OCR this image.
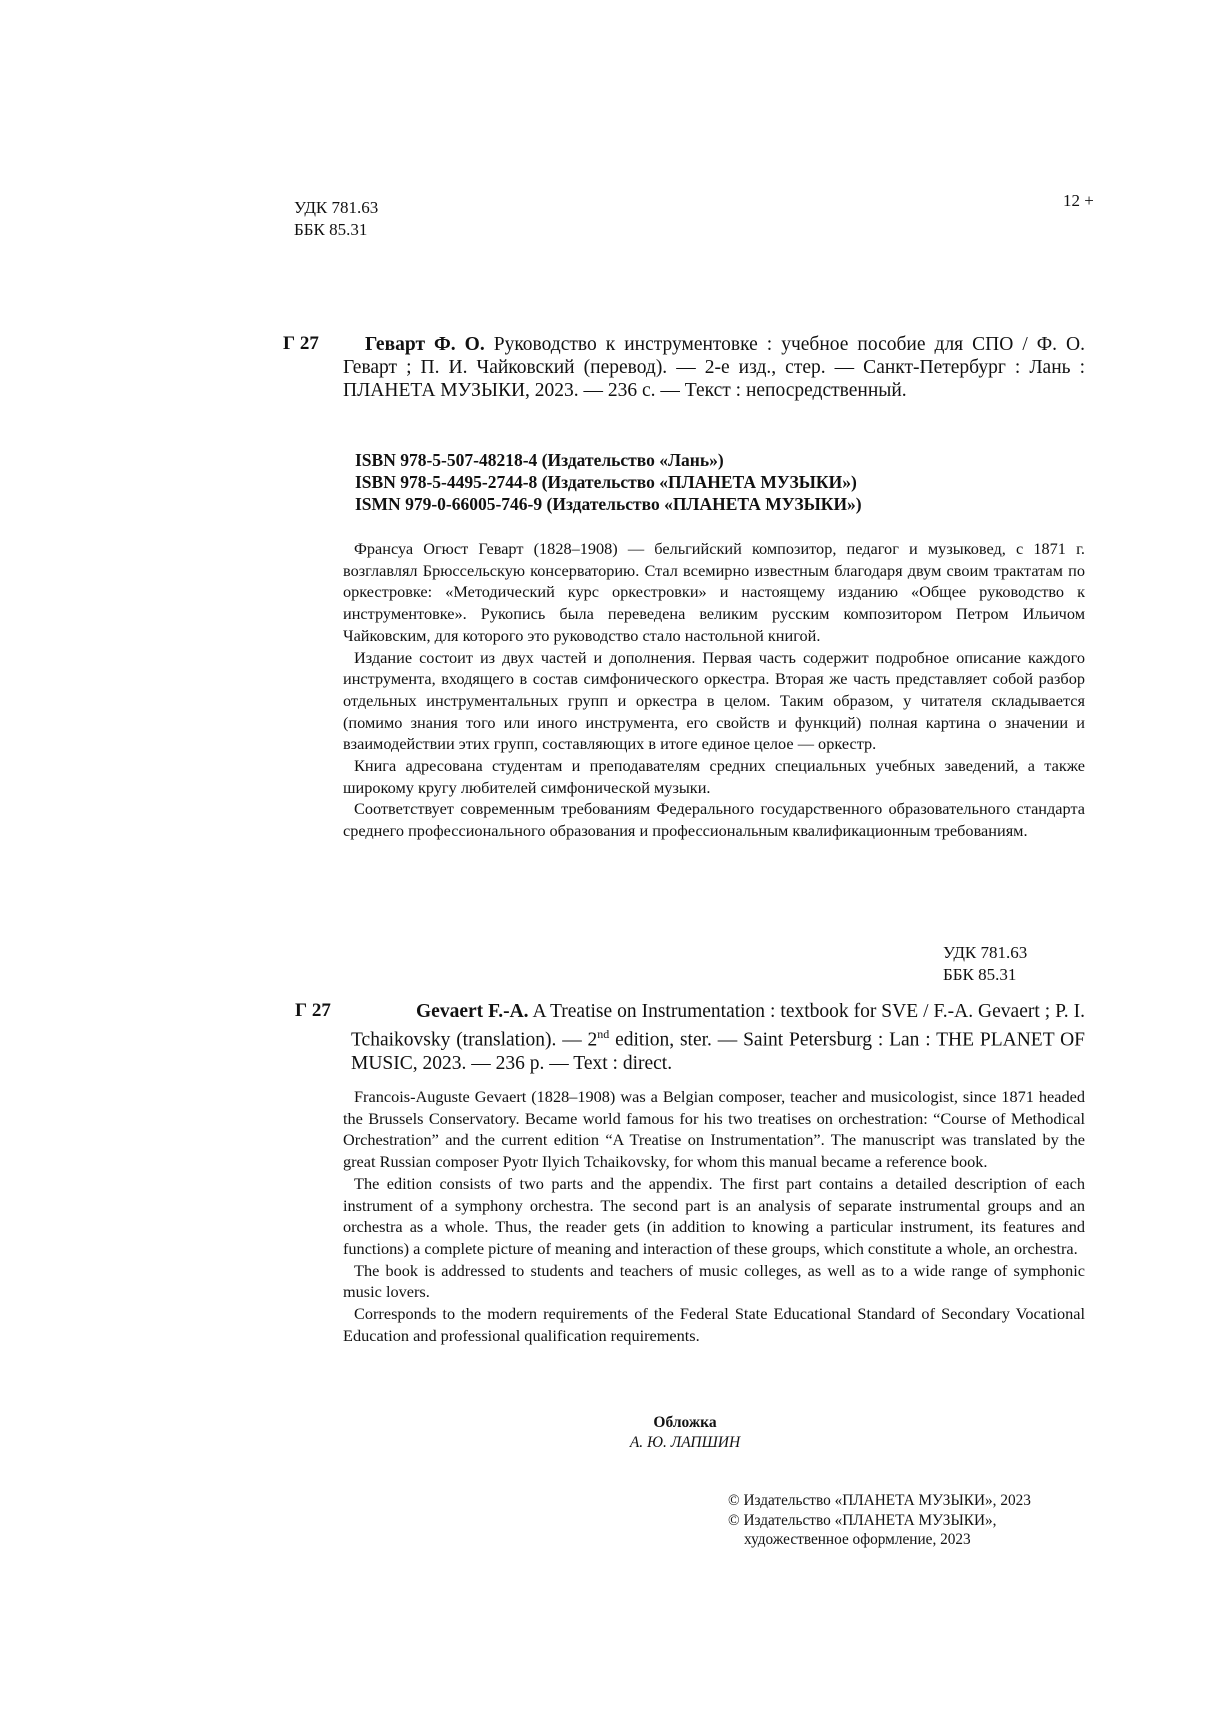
УДК 781.63
ББК 85.31
12 +
Г 27	Геварт Ф. О. Руководство к инструментовке : учебное пособие для СПО / Ф. О. Геварт ; П. И. Чайковский (перевод). — 2-е изд., стер. — Санкт-Петербург : Лань : ПЛАНЕТА МУЗЫКИ, 2023. — 236 с. — Текст : непосредственный.
ISBN 978-5-507-48218-4 (Издательство «Лань»)
ISBN 978-5-4495-2744-8 (Издательство «ПЛАНЕТА МУЗЫКИ»)
ISMN 979-0-66005-746-9 (Издательство «ПЛАНЕТА МУЗЫКИ»)

Франсуа Огюст Геварт (1828–1908) — бельгийский композитор, педагог и музыковед, с 1871 г. возглавлял Брюссельскую консерваторию. Стал всемирно известным благодаря двум своим трактатам по оркестровке: «Методический курс оркестровки» и настоящему изданию «Общее руководство к инструментовке». Рукопись была переведена великим русским композитором Петром Ильичом Чайковским, для которого это руководство стало настольной книгой.

Издание состоит из двух частей и дополнения. Первая часть содержит подробное описание каждого инструмента, входящего в состав симфонического оркестра. Вторая же часть представляет собой разбор отдельных инструментальных групп и оркестра в целом. Таким образом, у читателя складывается (помимо знания того или иного инструмента, его свойств и функций) полная картина о значении и взаимодействии этих групп, составляющих в итоге единое целое — оркестр.

Книга адресована студентам и преподавателям средних специальных учебных заведений, а также широкому кругу любителей симфонической музыки.

Соответствует современным требованиям Федерального государственного образовательного стандарта среднего профессионального образования и профессиональным квалификационным требованиям.

УДК 781.63
ББК 85.31
Г 27	Gevaert F.-A. A Treatise on Instrumentation : textbook for SVE / F.-A. Gevaert ; P. I. Tchaikovsky (translation). — 2nd edition, ster. — Saint Petersburg : Lan : THE PLANET OF MUSIC, 2023. — 236 p. — Text : direct.

Francois-Auguste Gevaert (1828–1908) was a Belgian composer, teacher and musicologist, since 1871 headed the Brussels Conservatory. Became world famous for his two treatises on orchestration: “Course of Methodical Orchestration” and the current edition “A Treatise on Instrumentation”. The manuscript was translated by the great Russian composer Pyotr Ilyich Tchaikovsky, for whom this manual became a reference book.

The edition consists of two parts and the appendix. The first part contains a detailed description of each instrument of a symphony orchestra. The second part is an analysis of separate instrumental groups and an orchestra as a whole. Thus, the reader gets (in addition to knowing a particular instrument, its features and functions) a complete picture of meaning and interaction of these groups, which constitute a whole, an orchestra.

The book is addressed to students and teachers of music colleges, as well as to a wide range of symphonic music lovers.

Corresponds to the modern requirements of the Federal State Educational Standard of Secondary Vocational Education and professional qualification requirements.

Обложка
А. Ю. ЛАПШИН
© Издательство «ПЛАНЕТА МУЗЫКИ», 2023
© Издательство «ПЛАНЕТА МУЗЫКИ»,
художественное оформление, 2023
